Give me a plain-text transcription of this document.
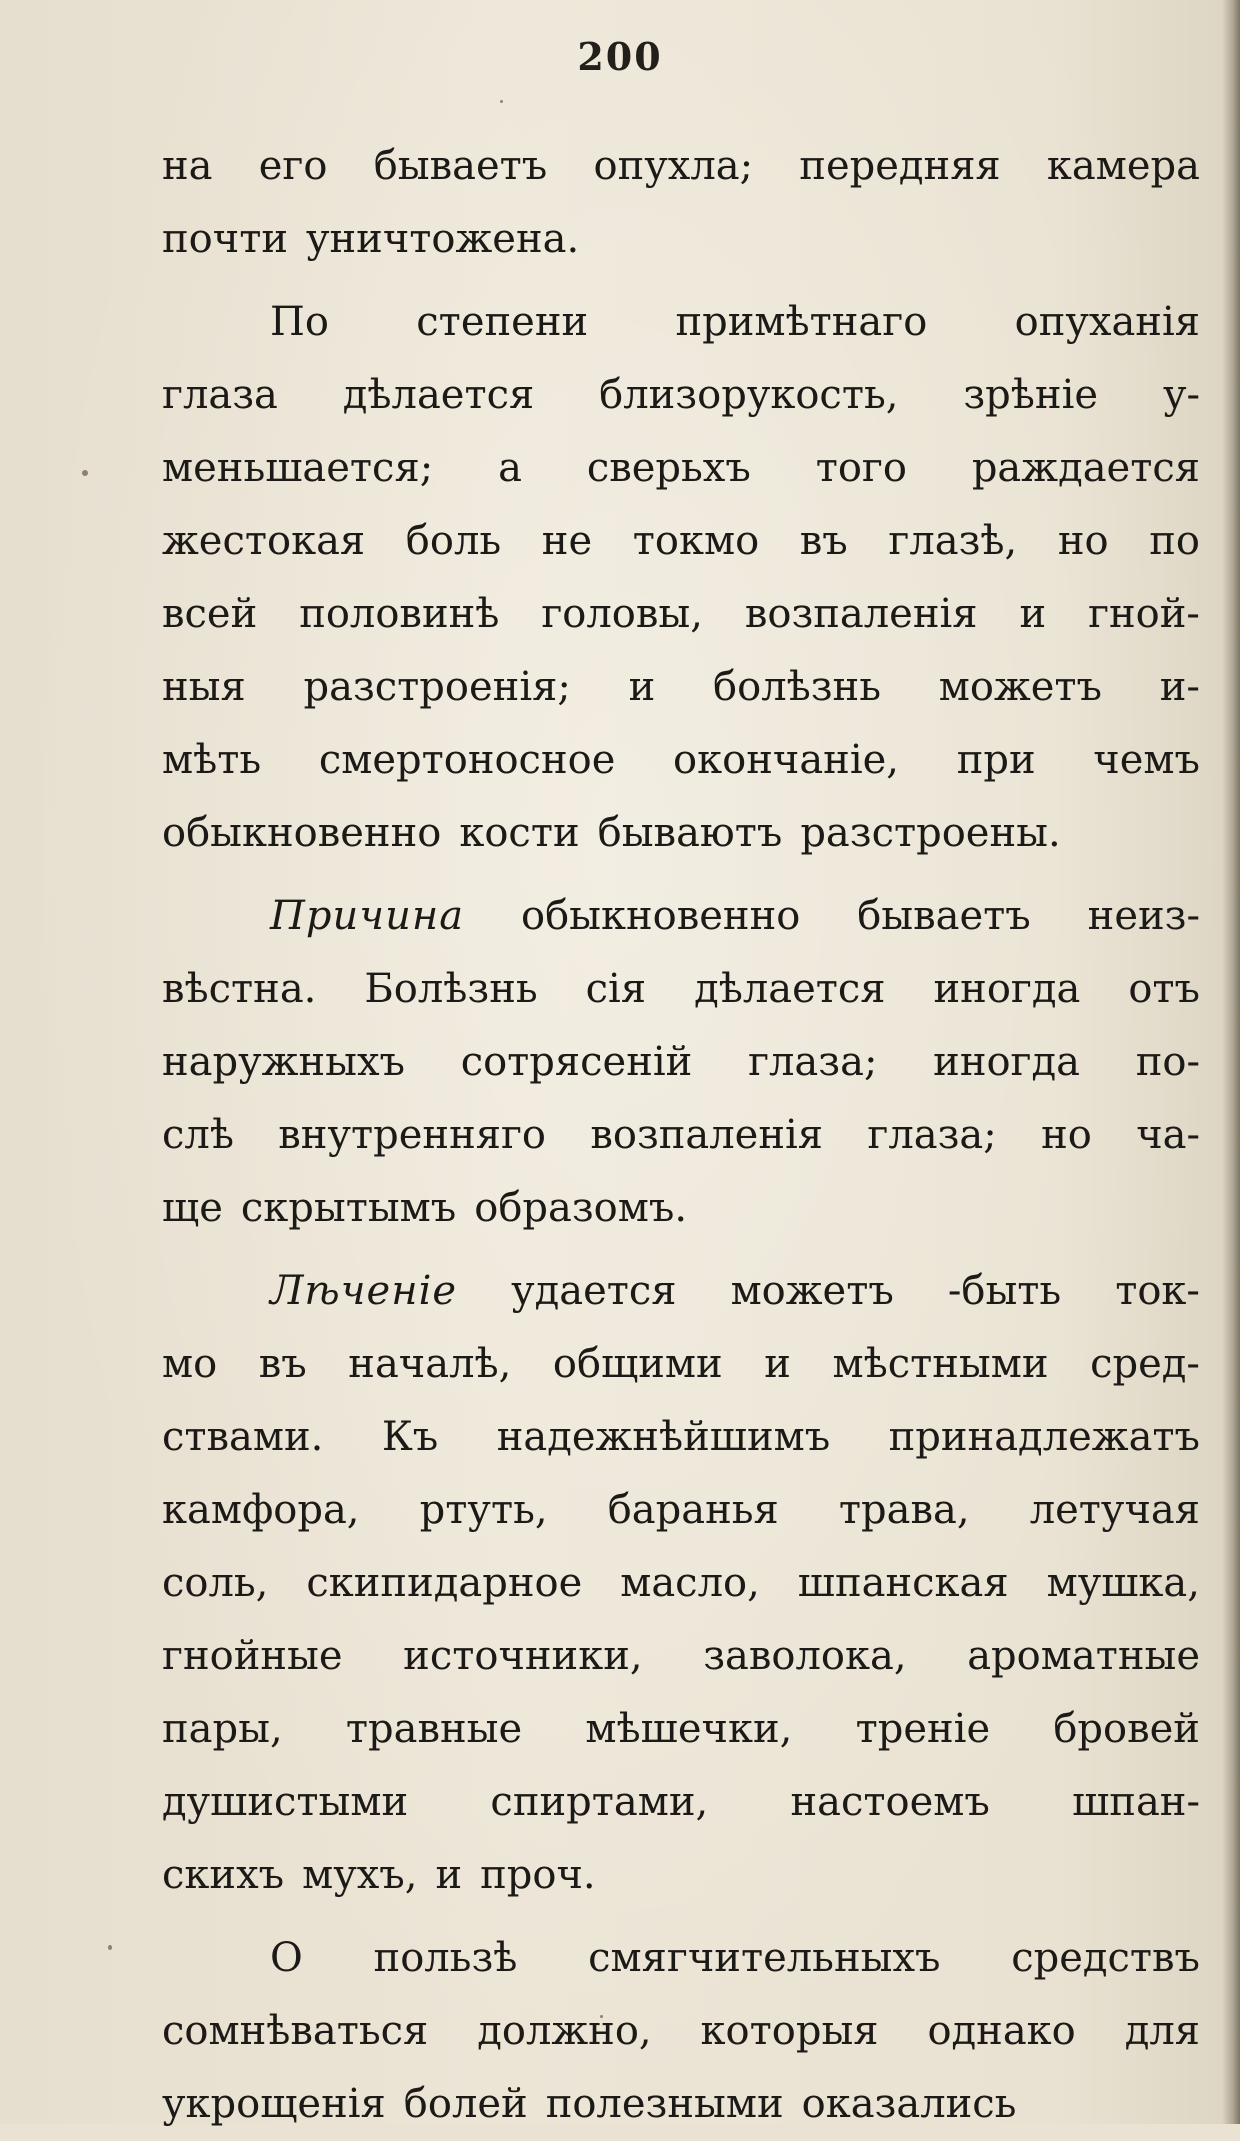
200
на его бываетъ опухла; передняя камера
почти уничтожена.
По степени примѣтнаго опуханія
глаза дѣлается близорукость, зрѣніе у-
меньшается; а сверьхъ того раждается
жестокая боль не токмо въ глазѣ, но по
всей половинѣ головы, возпаленія и гной-
ныя разстроенія; и болѣзнь можетъ и-
мѣть смертоносное окончаніе, при чемъ
обыкновенно кости бываютъ разстроены.
Причина обыкновенно бываетъ неиз-
вѣстна. Болѣзнь сія дѣлается иногда отъ
наружныхъ сотрясеній глаза; иногда по-
слѣ внутренняго возпаленія глаза; но ча-
ще скрытымъ образомъ.
Лѣченіе удается можетъ -быть ток-
мо въ началѣ, общими и мѣстными сред-
ствами. Къ надежнѣйшимъ принадлежатъ
камфора, ртуть, баранья трава, летучая
соль, скипидарное масло, шпанская мушка,
гнойные источники, заволока, ароматные
пары, травные мѣшечки, треніе бровей
душистыми спиртами, настоемъ шпан-
скихъ мухъ, и проч.
О пользѣ смягчительныхъ средствъ
сомнѣваться должно, которыя однако для
укрощенія болей полезными оказались
